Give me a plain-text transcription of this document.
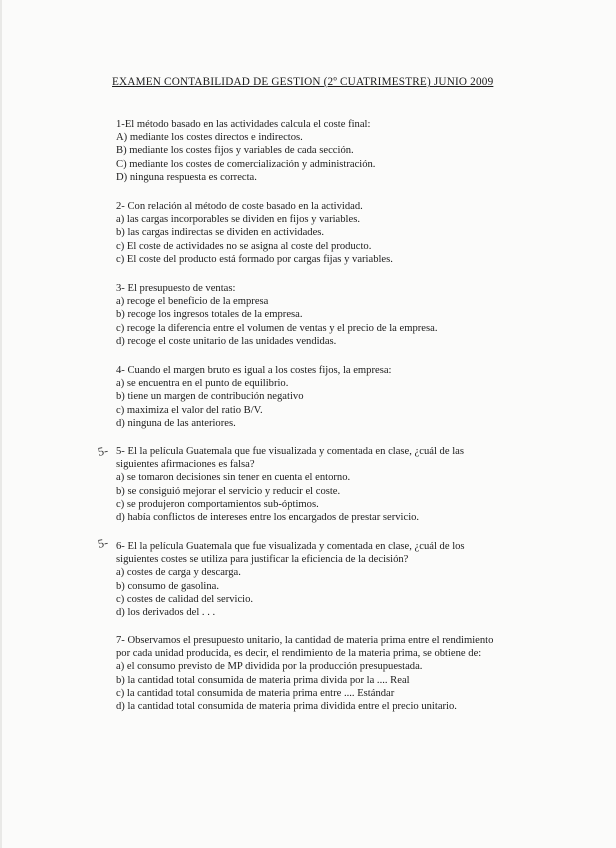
EXAMEN CONTABILIDAD DE GESTION (2º CUATRIMESTRE) JUNIO 2009
1-El método basado en las actividades calcula el coste final:
A) mediante los costes directos e indirectos.
B) mediante los costes fijos y variables de cada sección.
C) mediante los costes de comercialización y administración.
D) ninguna respuesta es correcta.
2- Con relación al método de coste basado en la actividad.
a) las cargas incorporables se dividen en fijos y variables.
b) las cargas indirectas se dividen en actividades.
c) El coste de actividades no se asigna al coste del producto.
c) El coste del producto está formado por cargas fijas y variables.
3- El presupuesto de ventas:
a) recoge el beneficio de la empresa
b) recoge los ingresos totales de la empresa.
c) recoge la diferencia entre el volumen de ventas y el precio de la empresa.
d) recoge el coste unitario de las unidades vendidas.
4- Cuando el margen bruto es igual a los costes fijos, la empresa:
a) se encuentra en el punto de equilibrio.
b) tiene un margen de contribución negativo
c) maximiza el valor del ratio B/V.
d) ninguna de las anteriores.
5- 5- El la película Guatemala que fue visualizada y comentada en clase, ¿cuál de las siguientes afirmaciones es falsa?
a) se tomaron decisiones sin tener en cuenta el entorno.
b) se consiguió mejorar el servicio y reducir el coste.
c) se produjeron comportamientos sub-óptimos.
d) había conflictos de intereses entre los encargados de prestar servicio.
5- 6- El la película Guatemala que fue visualizada y comentada en clase, ¿cuál de los siguientes costes se utiliza para justificar la eficiencia de la decisión?
a) costes de carga y descarga.
b) consumo de gasolina.
c) costes de calidad del servicio.
d) los derivados del . . .
7- Observamos el presupuesto unitario, la cantidad de materia prima entre el rendimiento por cada unidad producida, es decir, el rendimiento de la materia prima, se obtiene de:
a) el consumo previsto de MP dividida por la producción presupuestada.
b) la cantidad total consumida de materia prima divida por la .... Real
c) la cantidad total consumida de materia prima entre .... Estándar
d) la cantidad total consumida de materia prima dividida entre el precio unitario.
